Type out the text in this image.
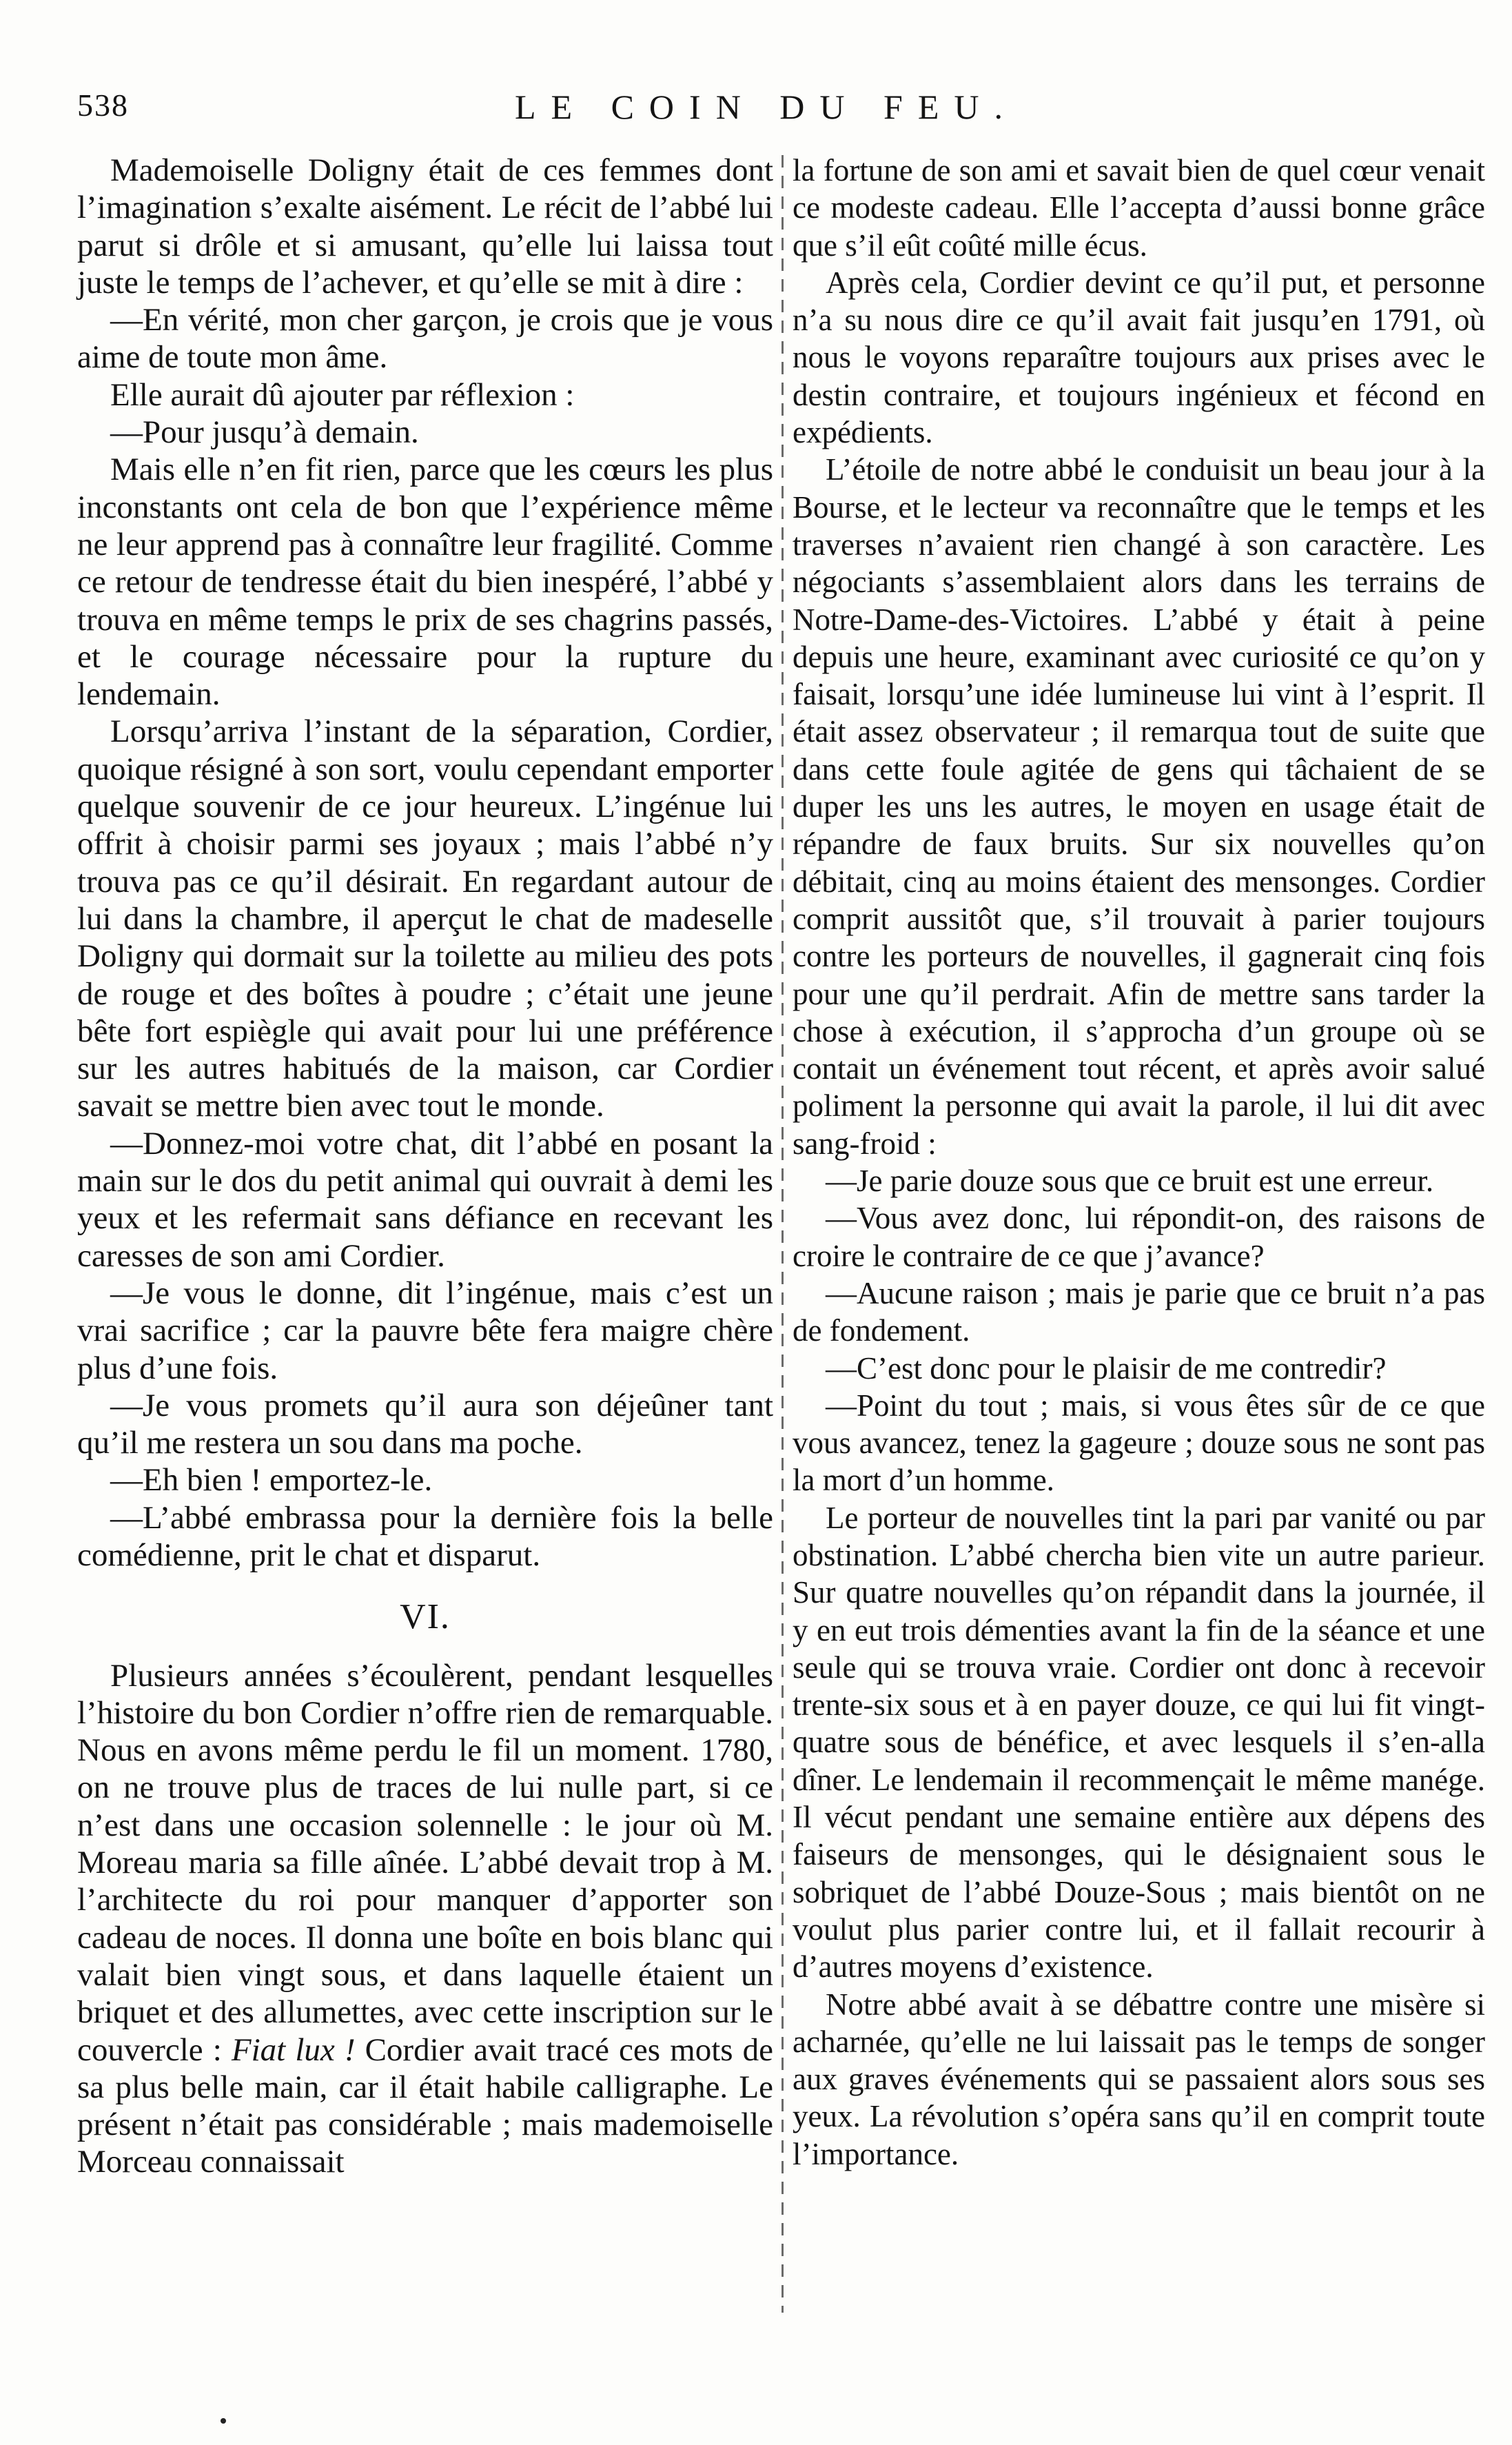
538	LE COIN DU FEU.

Mademoiselle Doligny était de ces femmes dont l’imagination s’exalte aisément. Le récit de l’abbé lui parut si drôle et si amusant, qu’elle lui laissa tout juste le temps de l’achever, et qu’elle se mit à dire :

—En vérité, mon cher garçon, je crois que je vous aime de toute mon âme.

Elle aurait dû ajouter par réflexion :

—Pour jusqu’à demain.

Mais elle n’en fit rien, parce que les cœurs les plus inconstants ont cela de bon que l’expérience même ne leur apprend pas à connaître leur fragilité. Comme ce retour de tendresse était du bien inespéré, l’abbé y trouva en même temps le prix de ses chagrins passés, et le courage nécessaire pour la rupture du lendemain.

Lorsqu’arriva l’instant de la séparation, Cordier, quoique résigné à son sort, voulu cependant emporter quelque souvenir de ce jour heureux. L’ingénue lui offrit à choisir parmi ses joyaux ; mais l’abbé n’y trouva pas ce qu’il désirait. En regardant autour de lui dans la chambre, il aperçut le chat de madeselle Doligny qui dormait sur la toilette au milieu des pots de rouge et des boîtes à poudre ; c’était une jeune bête fort espiègle qui avait pour lui une préférence sur les autres habitués de la maison, car Cordier savait se mettre bien avec tout le monde.

—Donnez-moi votre chat, dit l’abbé en posant la main sur le dos du petit animal qui ouvrait à demi les yeux et les refermait sans défiance en recevant les caresses de son ami Cordier.

—Je vous le donne, dit l’ingénue, mais c’est un vrai sacrifice ; car la pauvre bête fera maigre chère plus d’une fois.

—Je vous promets qu’il aura son déjeûner tant qu’il me restera un sou dans ma poche.

—Eh bien ! emportez-le.

—L’abbé embrassa pour la dernière fois la belle comédienne, prit le chat et disparut.

VI.

Plusieurs années s’écoulèrent, pendant lesquelles l’histoire du bon Cordier n’offre rien de remarquable. Nous en avons même perdu le fil un moment. 1780, on ne trouve plus de traces de lui nulle part, si ce n’est dans une occasion solennelle : le jour où M. Moreau maria sa fille aînée. L’abbé devait trop à M. l’architecte du roi pour manquer d’apporter son cadeau de noces. Il donna une boîte en bois blanc qui valait bien vingt sous, et dans laquelle étaient un briquet et des allumettes, avec cette inscription sur le couvercle : Fiat lux ! Cordier avait tracé ces mots de sa plus belle main, car il était habile calligraphe. Le présent n’était pas considérable ; mais mademoiselle Morceau connaissait

la fortune de son ami et savait bien de quel cœur venait ce modeste cadeau. Elle l’accepta d’aussi bonne grâce que s’il eût coûté mille écus.

Après cela, Cordier devint ce qu’il put, et personne n’a su nous dire ce qu’il avait fait jusqu’en 1791, où nous le voyons reparaître toujours aux prises avec le destin contraire, et toujours ingénieux et fécond en expédients.

L’étoile de notre abbé le conduisit un beau jour à la Bourse, et le lecteur va reconnaître que le temps et les traverses n’avaient rien changé à son caractère. Les négociants s’assemblaient alors dans les terrains de Notre-Dame-des-Victoires. L’abbé y était à peine depuis une heure, examinant avec curiosité ce qu’on y faisait, lorsqu’une idée lumineuse lui vint à l’esprit. Il était assez observateur ; il remarqua tout de suite que dans cette foule agitée de gens qui tâchaient de se duper les uns les autres, le moyen en usage était de répandre de faux bruits. Sur six nouvelles qu’on débitait, cinq au moins étaient des mensonges. Cordier comprit aussitôt que, s’il trouvait à parier toujours contre les porteurs de nouvelles, il gagnerait cinq fois pour une qu’il perdrait. Afin de mettre sans tarder la chose à exécution, il s’approcha d’un groupe où se contait un événement tout récent, et après avoir salué poliment la personne qui avait la parole, il lui dit avec sang-froid :

—Je parie douze sous que ce bruit est une erreur.

—Vous avez donc, lui répondit-on, des raisons de croire le contraire de ce que j’avance?

—Aucune raison ; mais je parie que ce bruit n’a pas de fondement.

—C’est donc pour le plaisir de me contredir?

—Point du tout ; mais, si vous êtes sûr de ce que vous avancez, tenez la gageure ; douze sous ne sont pas la mort d’un homme.

Le porteur de nouvelles tint la pari par vanité ou par obstination. L’abbé chercha bien vite un autre parieur. Sur quatre nouvelles qu’on répandit dans la journée, il y en eut trois démenties avant la fin de la séance et une seule qui se trouva vraie. Cordier ont donc à recevoir trente-six sous et à en payer douze, ce qui lui fit vingt-quatre sous de bénéfice, et avec lesquels il s’en-alla dîner. Le lendemain il recommençait le même manége. Il vécut pendant une semaine entière aux dépens des faiseurs de mensonges, qui le désignaient sous le sobriquet de l’abbé Douze-Sous ; mais bientôt on ne voulut plus parier contre lui, et il fallait recourir à d’autres moyens d’existence.

Notre abbé avait à se débattre contre une misère si acharnée, qu’elle ne lui laissait pas le temps de songer aux graves événements qui se passaient alors sous ses yeux. La révolution s’opéra sans qu’il en comprit toute l’importance.
